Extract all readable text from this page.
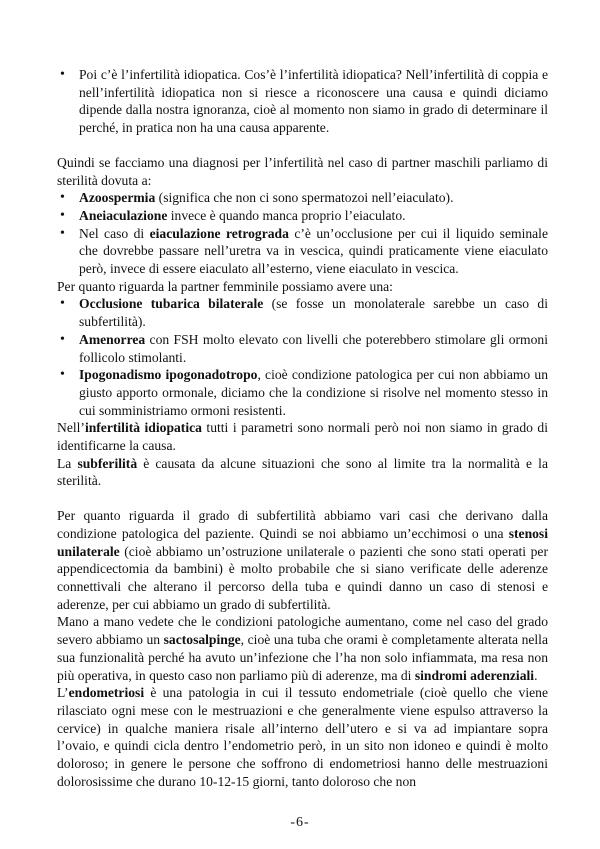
• Poi c’è l’infertilità idiopatica. Cos’è l’infertilità idiopatica? Nell’infertilità di coppia e nell’infertilità idiopatica non si riesce a riconoscere una causa e quindi diciamo dipende dalla nostra ignoranza, cioè al momento non siamo in grado di determinare il perché, in pratica non ha una causa apparente.

Quindi se facciamo una diagnosi per l’infertilità nel caso di partner maschili parliamo di sterilità dovuta a:

• Azoospermia (significa che non ci sono spermatozoi nell’eiaculato).
• Aneiaculazione invece è quando manca proprio l’eiaculato.
• Nel caso di eiaculazione retrograda c’è un’occlusione per cui il liquido seminale che dovrebbe passare nell’uretra va in vescica, quindi praticamente viene eiaculato però, invece di essere eiaculato all’esterno, viene eiaculato in vescica.

Per quanto riguarda la partner femminile possiamo avere una:

• Occlusione tubarica bilaterale (se fosse un monolaterale sarebbe un caso di subfertilità).
• Amenorrea con FSH molto elevato con livelli che poterebbero stimolare gli ormoni follicolo stimolanti.
• Ipogonadismo ipogonadotropo, cioè condizione patologica per cui non abbiamo un giusto apporto ormonale, diciamo che la condizione si risolve nel momento stesso in cui somministriamo ormoni resistenti.

Nell’infertilità idiopatica tutti i parametri sono normali però noi non siamo in grado di identificarne la causa.

La subferilità è causata da alcune situazioni che sono al limite tra la normalità e la sterilità.

Per quanto riguarda il grado di subfertilità abbiamo vari casi che derivano dalla condizione patologica del paziente. Quindi se noi abbiamo un’ecchimosi o una stenosi unilaterale (cioè abbiamo un’ostruzione unilaterale o pazienti che sono stati operati per appendicectomia da bambini) è molto probabile che si siano verificate delle aderenze connettivali che alterano il percorso della tuba e quindi danno un caso di stenosi e aderenze, per cui abbiamo un grado di subfertilità.

Mano a mano vedete che le condizioni patologiche aumentano, come nel caso del grado severo abbiamo un sactosalpinge, cioè una tuba che orami è completamente alterata nella sua funzionalità perché ha avuto un’infezione che l’ha non solo infiammata, ma resa non più operativa, in questo caso non parliamo più di aderenze, ma di sindromi aderenziali.

L’endometriosi è una patologia in cui il tessuto endometriale (cioè quello che viene rilasciato ogni mese con le mestruazioni e che generalmente viene espulso attraverso la cervice) in qualche maniera risale all’interno dell’utero e si va ad impiantare sopra l’ovaio, e quindi cicla dentro l’endometrio però, in un sito non idoneo e quindi è molto doloroso; in genere le persone che soffrono di endometriosi hanno delle mestruazioni dolorosissime che durano 10-12-15 giorni, tanto doloroso che non

-6-
